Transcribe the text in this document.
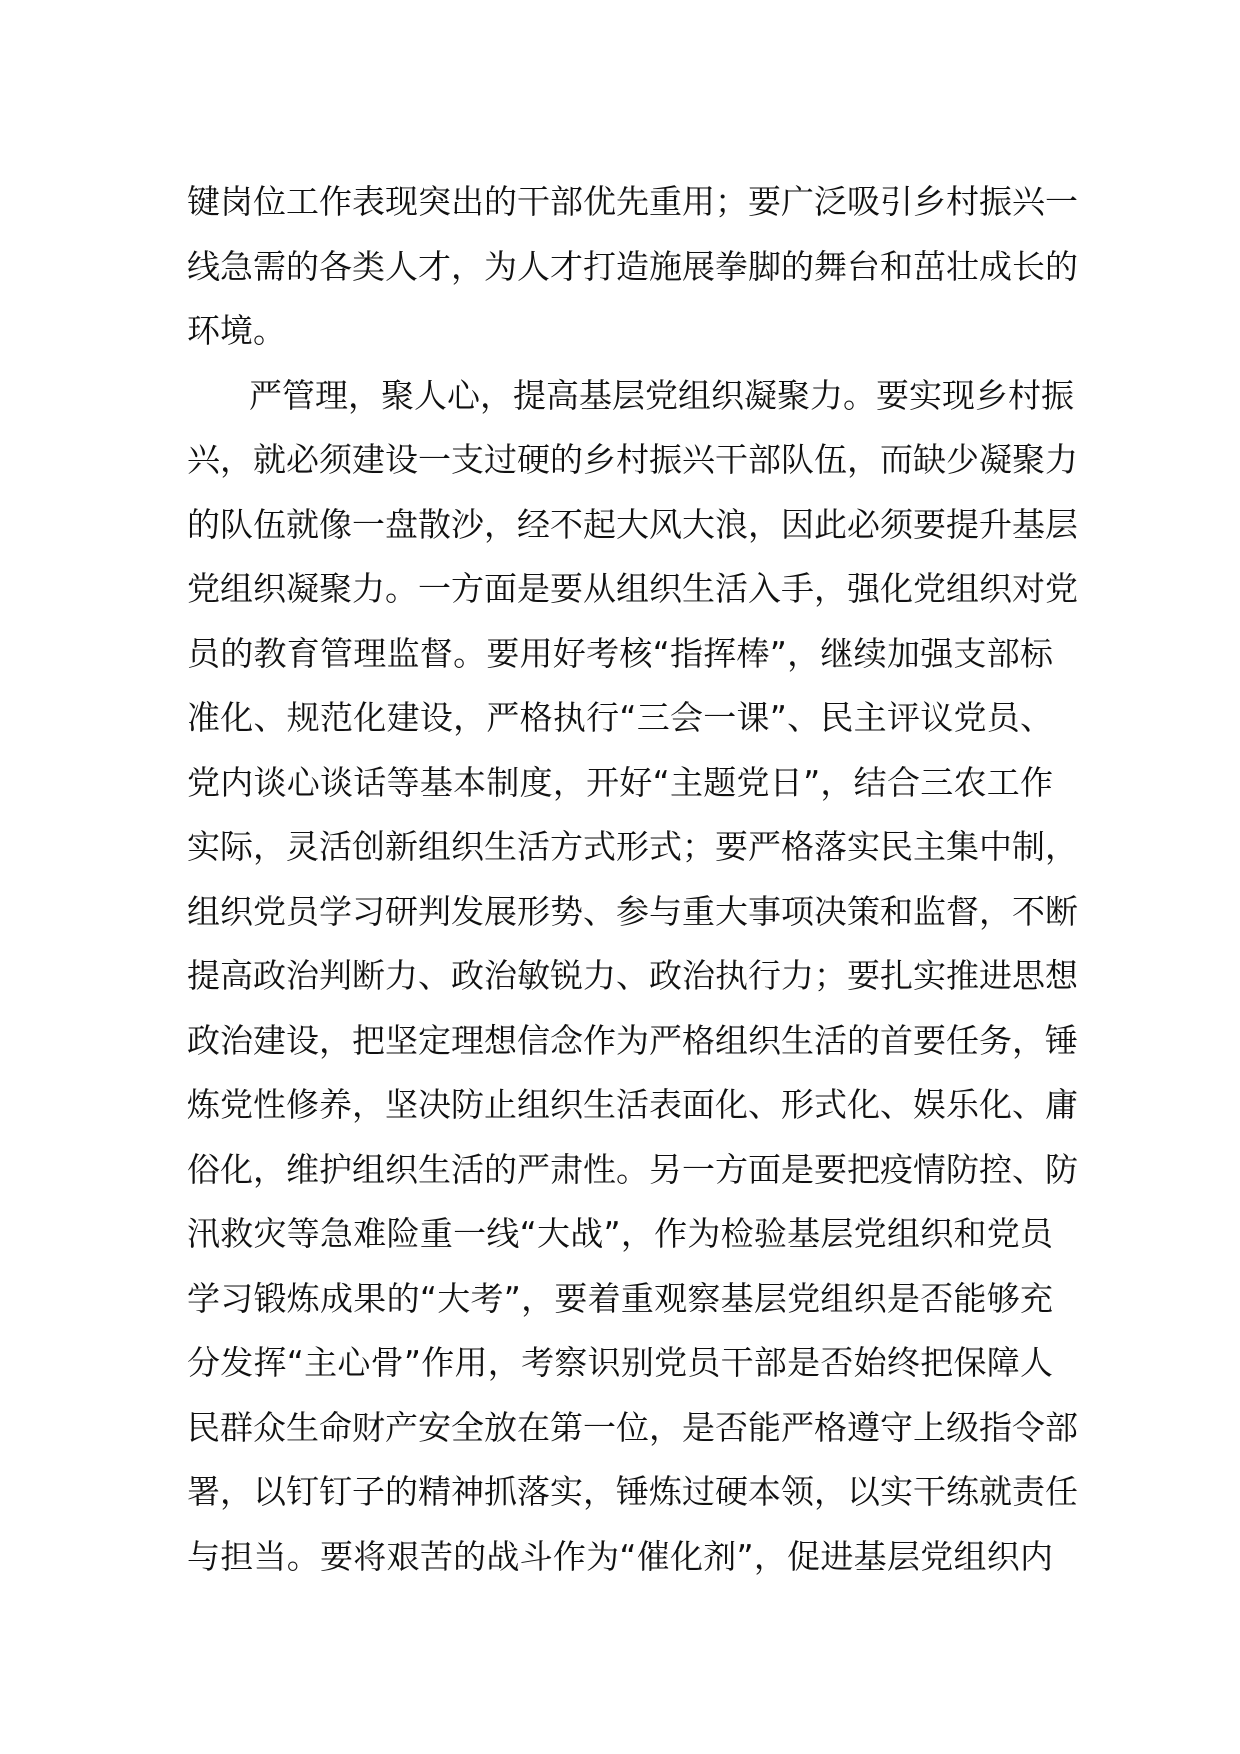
键岗位工作表现突出的干部优先重用；要广泛吸引乡村振兴一
线急需的各类人才，为人才打造施展拳脚的舞台和茁壮成长的
环境。
严管理，聚人心，提高基层党组织凝聚力。要实现乡村振
兴，就必须建设一支过硬的乡村振兴干部队伍，而缺少凝聚力
的队伍就像一盘散沙，经不起大风大浪，因此必须要提升基层
党组织凝聚力。一方面是要从组织生活入手，强化党组织对党
员的教育管理监督。要用好考核“指挥棒”，继续加强支部标
准化、规范化建设，严格执行“三会一课”、民主评议党员、
党内谈心谈话等基本制度，开好“主题党日”，结合三农工作
实际，灵活创新组织生活方式形式；要严格落实民主集中制，
组织党员学习研判发展形势、参与重大事项决策和监督，不断
提高政治判断力、政治敏锐力、政治执行力；要扎实推进思想
政治建设，把坚定理想信念作为严格组织生活的首要任务，锤
炼党性修养，坚决防止组织生活表面化、形式化、娱乐化、庸
俗化，维护组织生活的严肃性。另一方面是要把疫情防控、防
汛救灾等急难险重一线“大战”，作为检验基层党组织和党员
学习锻炼成果的“大考”，要着重观察基层党组织是否能够充
分发挥“主心骨”作用，考察识别党员干部是否始终把保障人
民群众生命财产安全放在第一位，是否能严格遵守上级指令部
署，以钉钉子的精神抓落实，锤炼过硬本领，以实干练就责任
与担当。要将艰苦的战斗作为“催化剂”，促进基层党组织内
